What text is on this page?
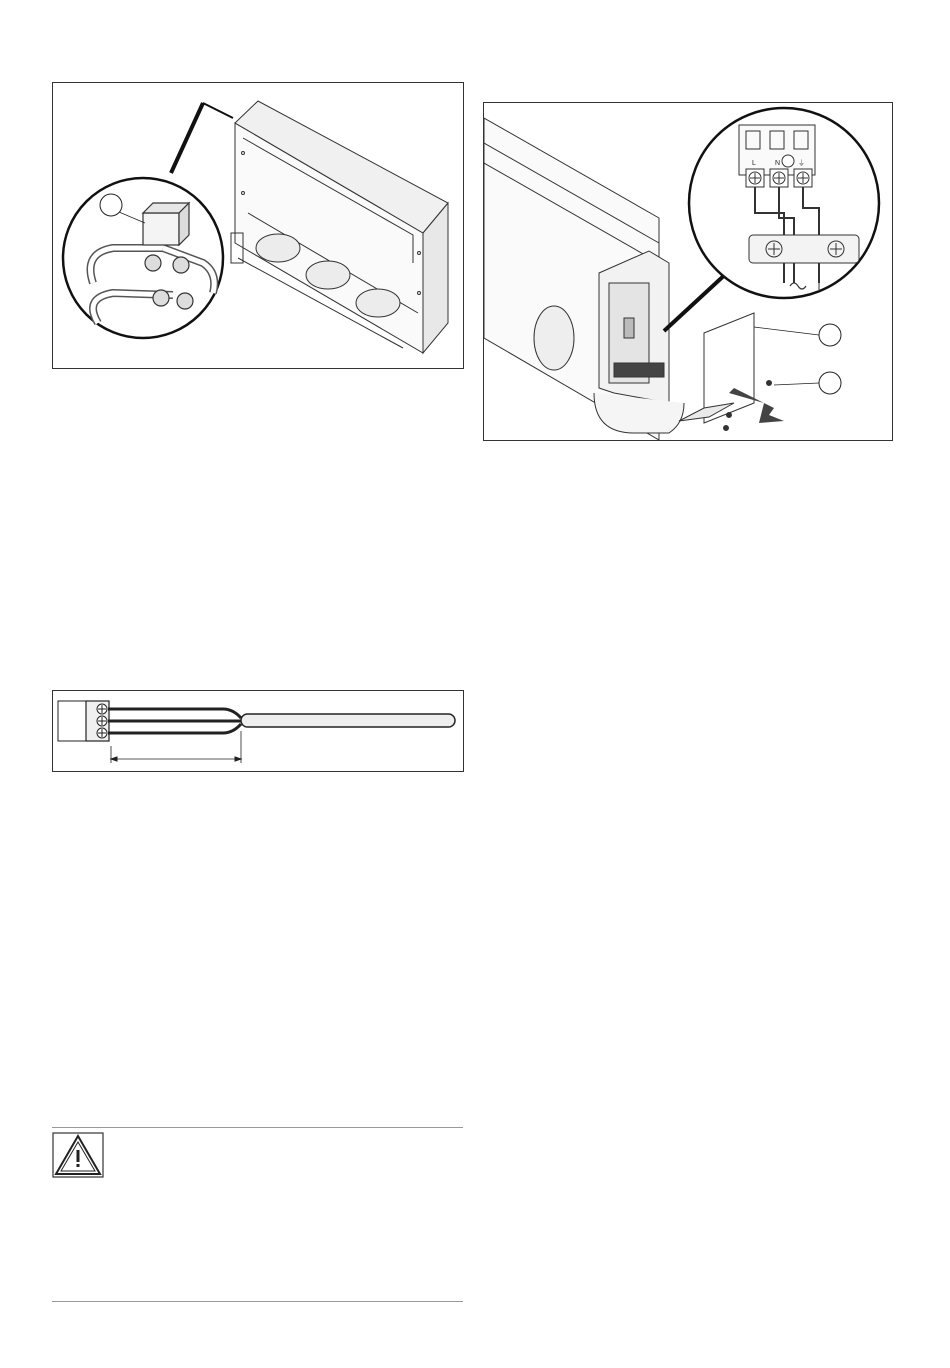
L	N	⏚
